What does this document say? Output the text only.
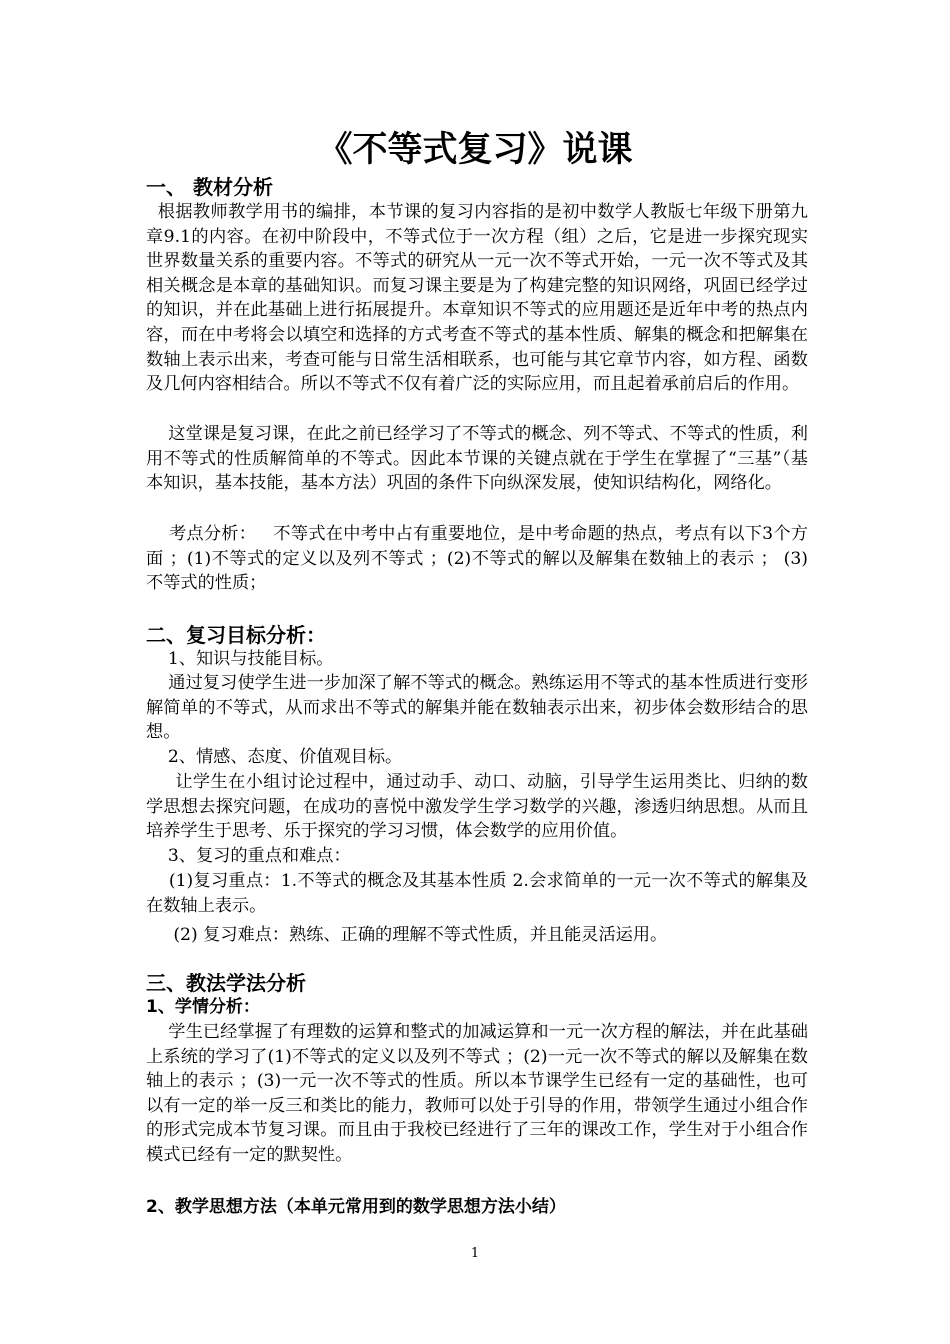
《不等式复习》说课
一、 教材分析

根据教师教学用书的编排，本节课的复习内容指的是初中数学人教版七年级下册第九章9.1的内容。在初中阶段中，不等式位于一次方程（组）之后，它是进一步探究现实世界数量关系的重要内容。不等式的研究从一元一次不等式开始，一元一次不等式及其相关概念是本章的基础知识。而复习课主要是为了构建完整的知识网络，巩固已经学过的知识，并在此基础上进行拓展提升。本章知识不等式的应用题还是近年中考的热点内容，而在中考将会以填空和选择的方式考查不等式的基本性质、解集的概念和把解集在数轴上表示出来，考查可能与日常生活相联系，也可能与其它章节内容，如方程、函数及几何内容相结合。所以不等式不仅有着广泛的实际应用，而且起着承前启后的作用。

这堂课是复习课，在此之前已经学习了不等式的概念、列不等式、不等式的性质，利用不等式的性质解简单的不等式。因此本节课的关键点就在于学生在掌握了“三基”（基本知识，基本技能，基本方法）巩固的条件下向纵深发展，使知识结构化，网络化。

考点分析：   不等式在中考中占有重要地位，是中考命题的热点，考点有以下3个方面 ；(1)不等式的定义以及列不等式 ；(2)不等式的解以及解集在数轴上的表示 ； (3) 不等式的性质；

二、复习目标分析：

1、知识与技能目标。

通过复习使学生进一步加深了解不等式的概念。熟练运用不等式的基本性质进行变形解简单的不等式，从而求出不等式的解集并能在数轴表示出来，初步体会数形结合的思想。

2、情感、态度、价值观目标。

让学生在小组讨论过程中，通过动手、动口、动脑，引导学生运用类比、归纳的数学思想去探究问题，在成功的喜悦中激发学生学习数学的兴趣，渗透归纳思想。从而且培养学生于思考、乐于探究的学习习惯，体会数学的应用价值。

3、复习的重点和难点：

(1)复习重点：1.不等式的概念及其基本性质 2.会求简单的一元一次不等式的解集及在数轴上表示。

(2) 复习难点：熟练、正确的理解不等式性质，并且能灵活运用。

三、教法学法分析
1、学情分析：

学生已经掌握了有理数的运算和整式的加减运算和一元一次方程的解法，并在此基础上系统的学习了(1)不等式的定义以及列不等式 ；(2)一元一次不等式的解以及解集在数轴上的表示 ；(3)一元一次不等式的性质。所以本节课学生已经有一定的基础性，也可以有一定的举一反三和类比的能力，教师可以处于引导的作用，带领学生通过小组合作的形式完成本节复习课。而且由于我校已经进行了三年的课改工作，学生对于小组合作模式已经有一定的默契性。

2、教学思想方法（本单元常用到的数学思想方法小结）
1
